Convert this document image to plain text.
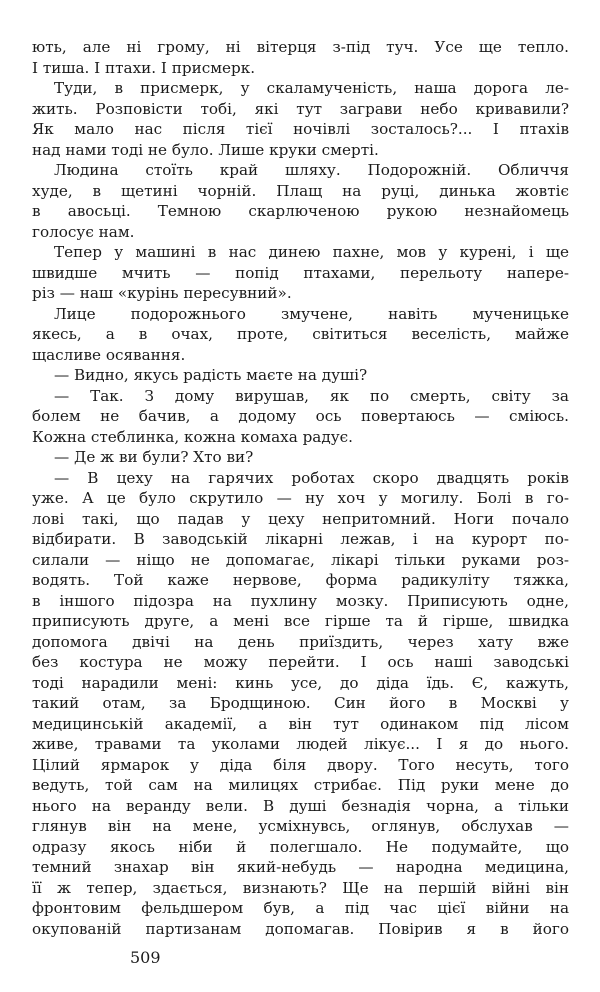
ють, але ні грому, ні вітерця з-під туч. Усе ще тепло.
І тиша. І птахи. І присмерк.
Туди, в присмерк, у скаламученість, наша дорога ле-
жить. Розповісти тобі, які тут заграви небо кривавили?
Як мало нас після тієї ночівлі зосталось?... І птахів
над нами тоді не було. Лише круки смерті.
Людина стоїть край шляху. Подорожній. Обличчя
худе, в щетині чорній. Плащ на руці, динька жовтіє
в авосьці. Темною скарлюченою рукою незнайомець
голосує нам.
Тепер у машині в нас динею пахне, мов у курені, і ще
швидше мчить — попід птахами, перельоту напере-
різ — наш «курінь пересувний».
Лице подорожнього змучене, навіть мученицьке
якесь, а в очах, проте, світиться веселість, майже
щасливе осявання.
— Видно, якусь радість маєте на душі?
— Так. З дому вирушав, як по смерть, світу за
болем не бачив, а додому ось повертаюсь — сміюсь.
Кожна стеблинка, кожна комаха радує.
— Де ж ви були? Хто ви?
— В цеху на гарячих роботах скоро двадцять років
уже. А це було скрутило — ну хоч у могилу. Болі в го-
лові такі, що падав у цеху непритомний. Ноги почало
відбирати. В заводській лікарні лежав, і на курорт по-
силали — ніщо не допомагає, лікарі тільки руками роз-
водять. Той каже нервове, форма радикуліту тяжка,
в іншого підозра на пухлину мозку. Приписують одне,
приписують друге, а мені все гірше та й гірше, швидка
допомога двічі на день приїздить, через хату вже
без костура не можу перейти. І ось наші заводські
тоді нарадили мені: кинь усе, до діда їдь. Є, кажуть,
такий отам, за Бродщиною. Син його в Москві у
медицинській академії, а він тут одинаком під лісом
живе, травами та уколами людей лікує... І я до нього.
Цілий ярмарок у діда біля двору. Того несуть, того
ведуть, той сам на милицях стрибає. Під руки мене до
нього на веранду вели. В душі безнадія чорна, а тільки
глянув він на мене, усміхнувсь, оглянув, обслухав —
одразу якось ніби й полегшало. Не подумайте, що
темний знахар він який-небудь — народна медицина,
її ж тепер, здається, визнають? Ще на першій війні він
фронтовим фельдшером був, а під час цієї війни на
окупованій партизанам допомагав. Повірив я в його
509
